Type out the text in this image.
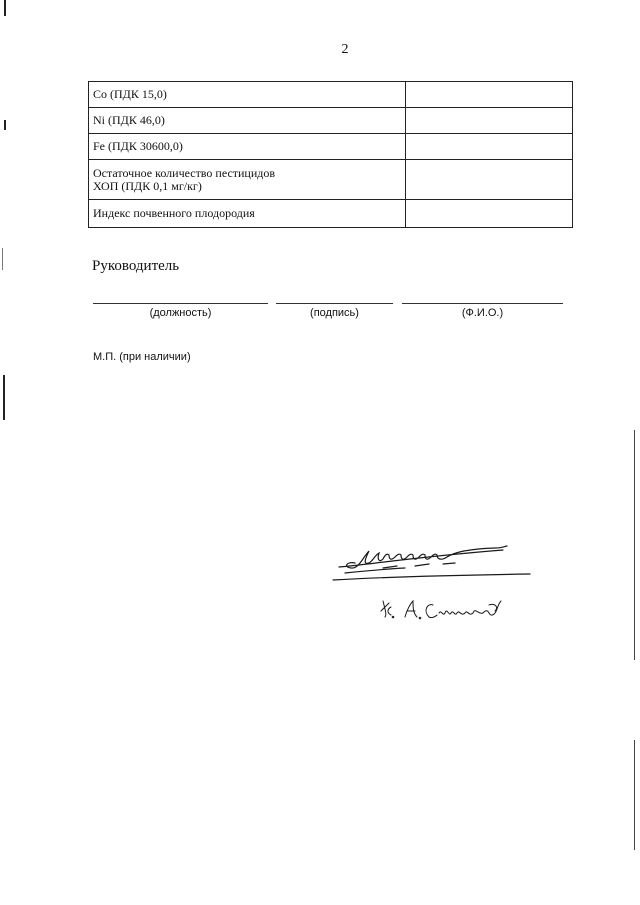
2
Co (ПДК 15,0)	
Ni (ПДК 46,0)	
Fe (ПДК 30600,0)	
Остаточное количество пестицидов
ХОП (ПДК 0,1 мг/кг)	
Индекс почвенного плодородия	
Руководитель
(должность)	(подпись)	(Ф.И.О.)
М.П. (при наличии)
Х. А. Симашев
